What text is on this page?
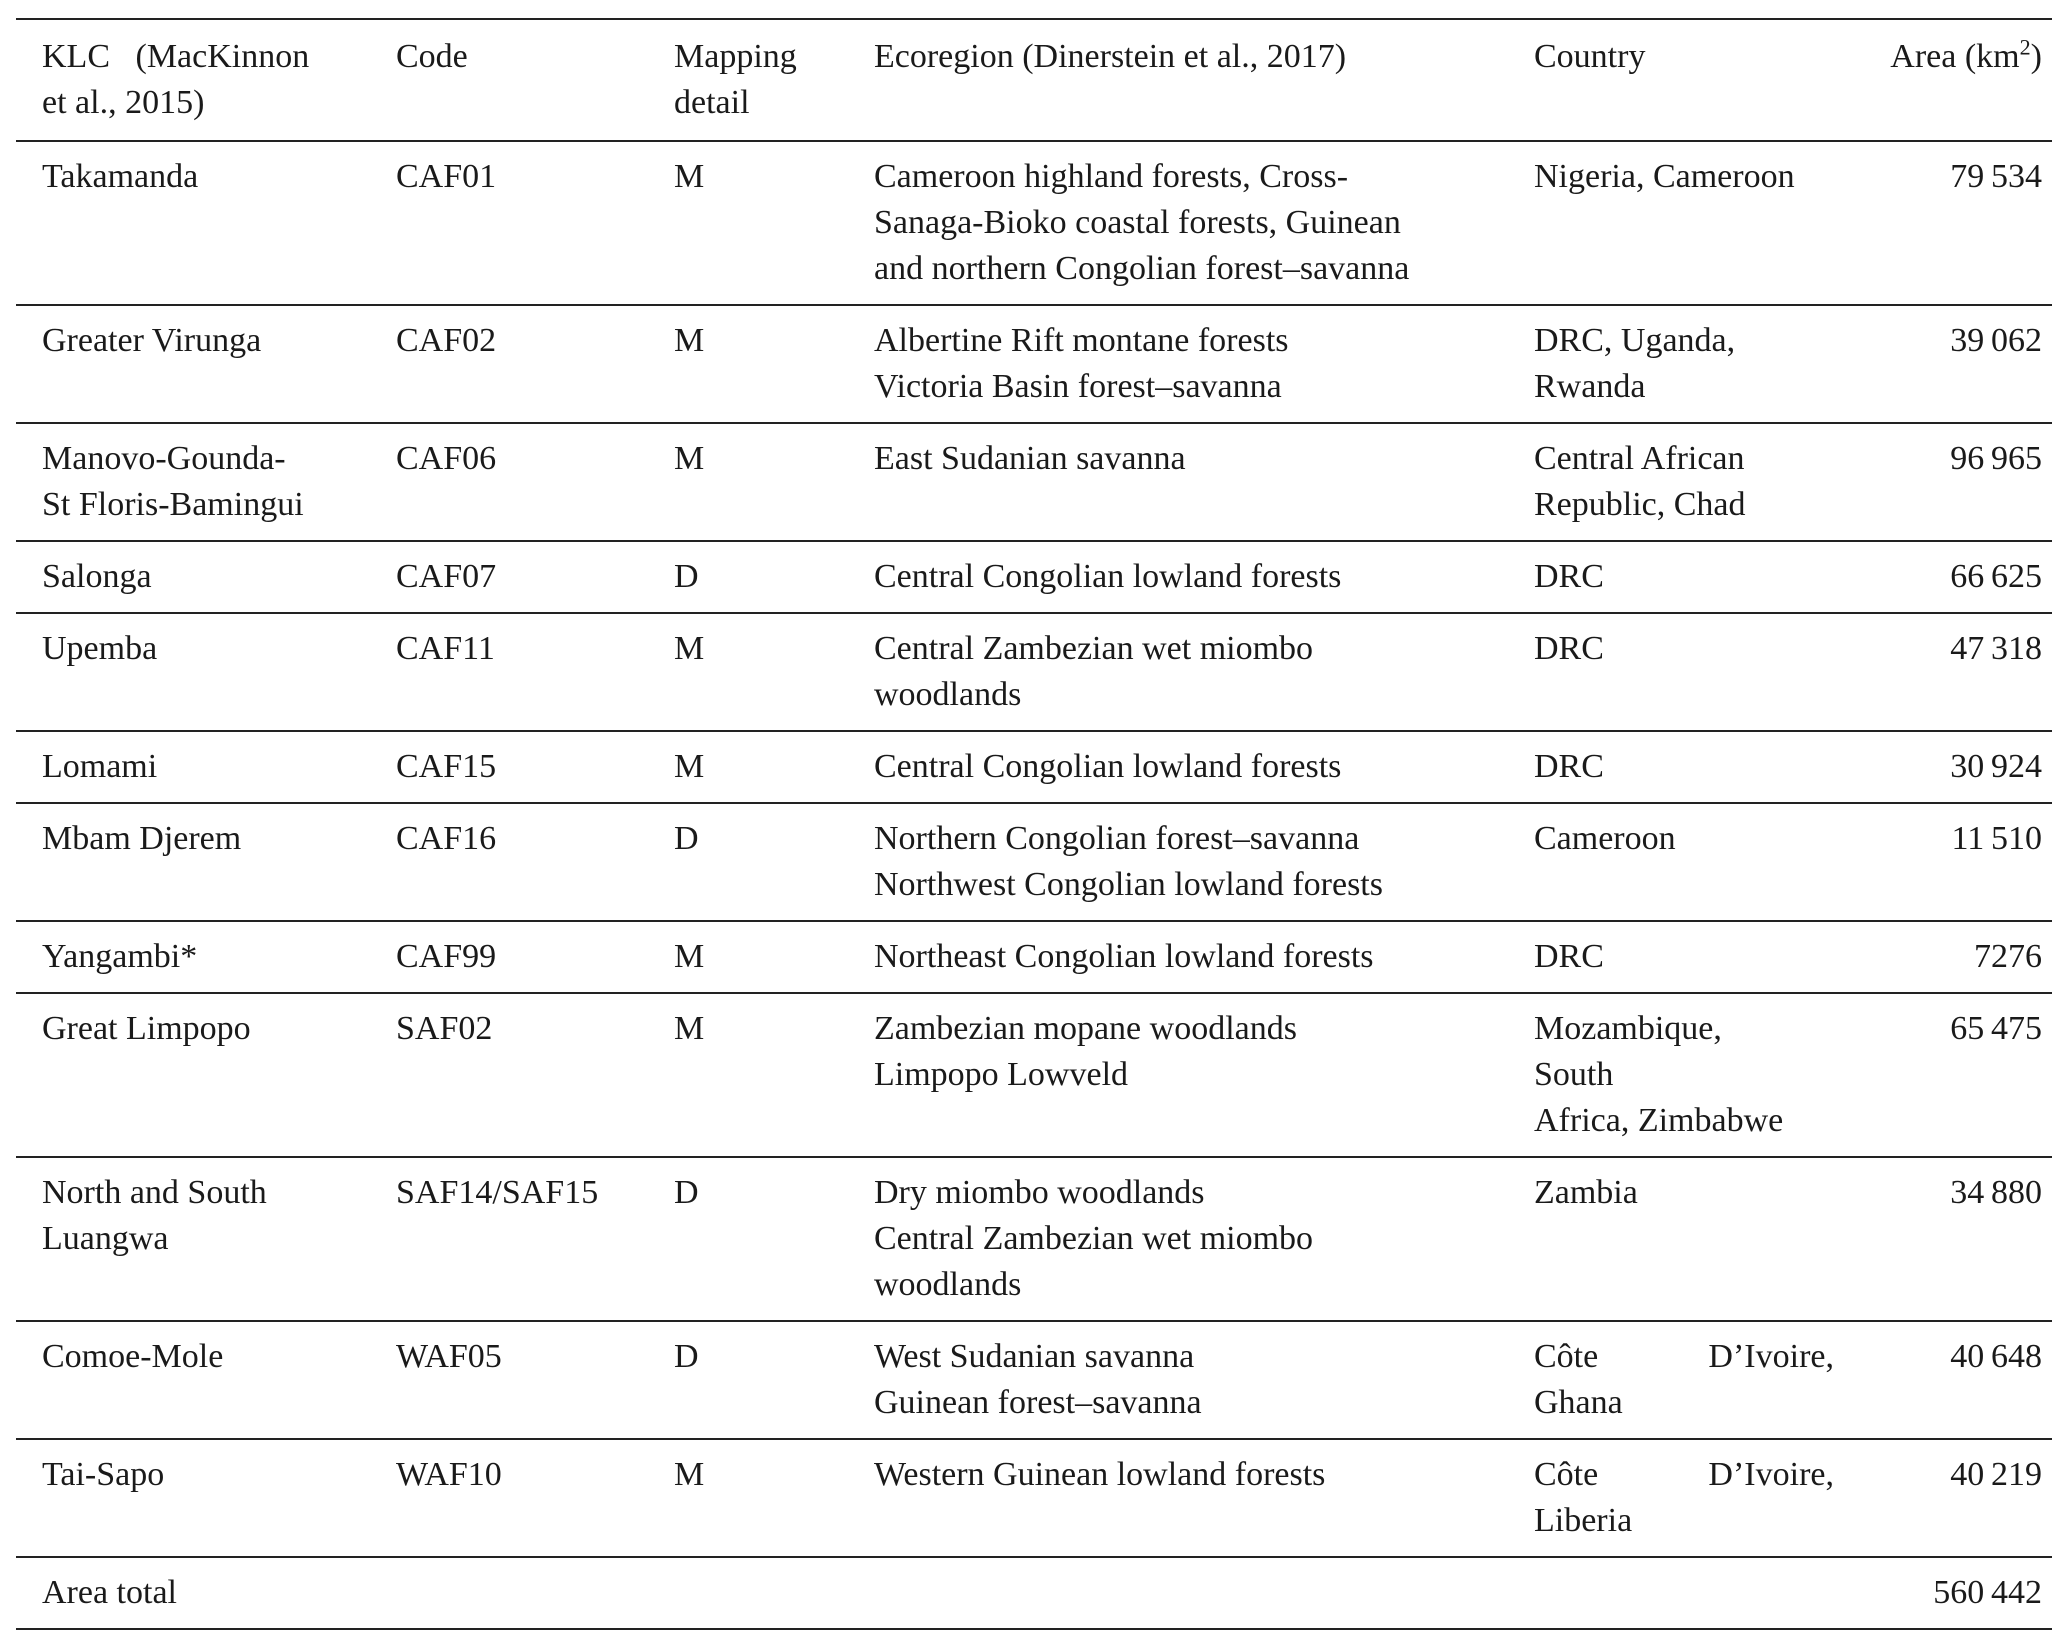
KLC   (MacKinnon
et al., 2015)	Code	Mapping
detail	Ecoregion (Dinerstein et al., 2017)	Country	Area $(km^2)$

Takamanda	CAF01	M	Cameroon highland forests, Cross-
Sanaga-Bioko coastal forests, Guinean
and northern Congolian forest–savanna	Nigeria, Cameroon	79 534

Greater Virunga	CAF02	M	Albertine Rift montane forests
Victoria Basin forest–savanna	DRC, Uganda,
Rwanda	39 062

Manovo-Gounda-
St Floris-Bamingui	CAF06	M	East Sudanian savanna	Central African
Republic, Chad	96 965

Salonga	CAF07	D	Central Congolian lowland forests	DRC	66 625

Upemba	CAF11	M	Central Zambezian wet miombo
woodlands	DRC	47 318

Lomami	CAF15	M	Central Congolian lowland forests	DRC	30 924

Mbam Djerem	CAF16	D	Northern Congolian forest–savanna
Northwest Congolian lowland forests	Cameroon	11 510

Yangambi*	CAF99	M	Northeast Congolian lowland forests	DRC	7276

Great Limpopo	SAF02	M	Zambezian mopane woodlands
Limpopo Lowveld	Mozambique,
South
Africa, Zimbabwe	65 475

North and South
Luangwa	SAF14/SAF15	D	Dry miombo woodlands
Central Zambezian wet miombo
woodlands	Zambia	34 880

Comoe-Mole	WAF05	D	West Sudanian savanna
Guinean forest–savanna	Côte D’Ivoire,
Ghana	40 648

Tai-Sapo	WAF10	M	Western Guinean lowland forests	Côte D’Ivoire,
Liberia	40 219
Area total					560 442
